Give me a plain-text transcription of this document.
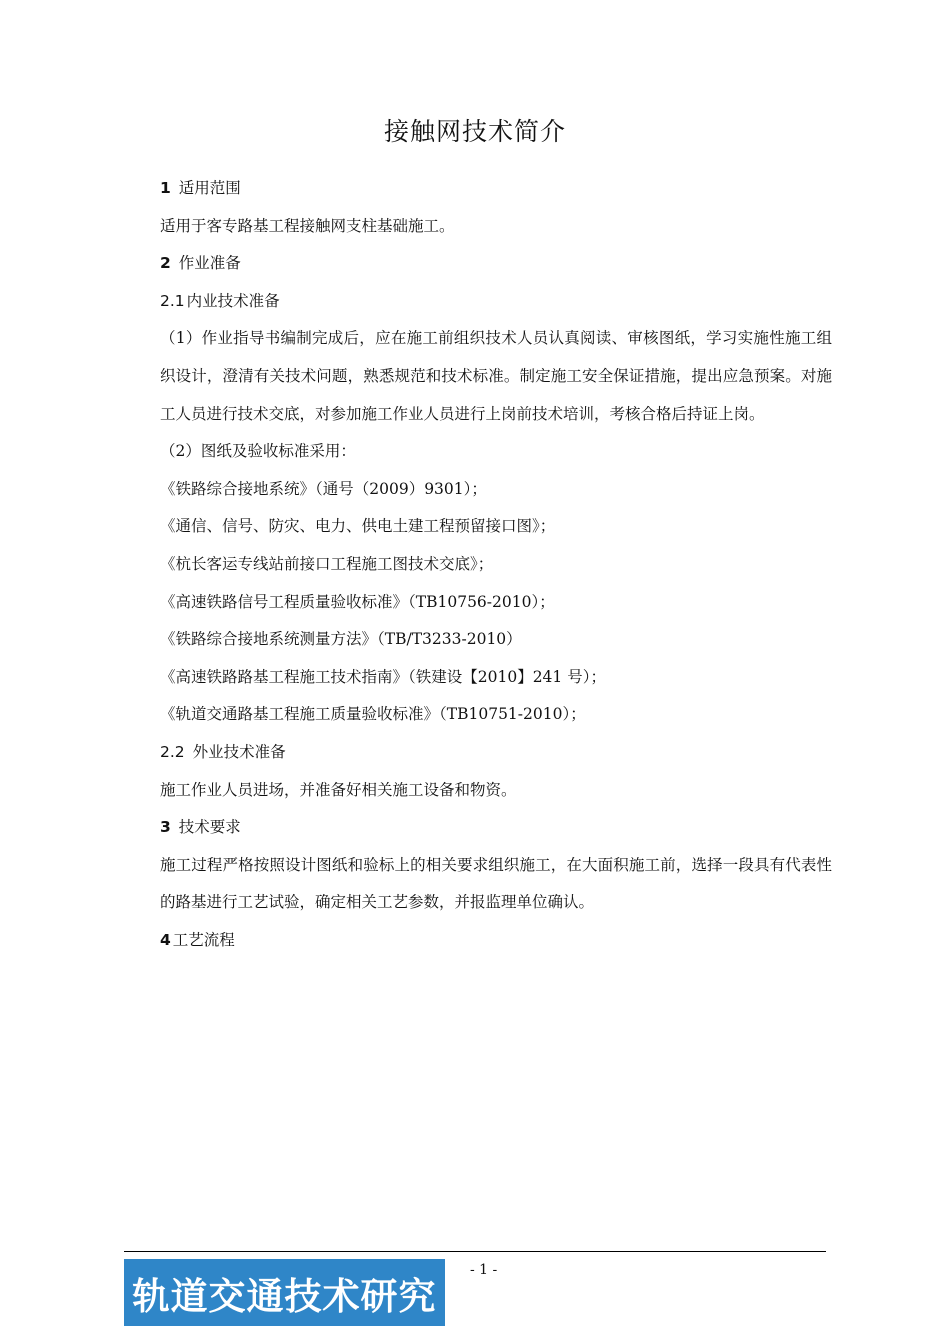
接触网技术简介
1 适用范围
适用于客专路基工程接触网支柱基础施工。
2 作业准备
2.1 内业技术准备
（1）作业指导书编制完成后，应在施工前组织技术人员认真阅读、审核图纸，学习实施性施工组织设计，澄清有关技术问题，熟悉规范和技术标准。制定施工安全保证措施，提出应急预案。对施工人员进行技术交底，对参加施工作业人员进行上岗前技术培训，考核合格后持证上岗。
（2）图纸及验收标准采用：
《铁路综合接地系统》（通号（2009）9301）；
《通信、信号、防灾、电力、供电土建工程预留接口图》；
《杭长客运专线站前接口工程施工图技术交底》；
《高速铁路信号工程质量验收标准》（TB10756-2010）；
《铁路综合接地系统测量方法》（TB/T3233-2010）
《高速铁路路基工程施工技术指南》（铁建设【2010】241 号）；
《轨道交通路基工程施工质量验收标准》（TB10751-2010）；
2.2 外业技术准备
施工作业人员进场，并准备好相关施工设备和物资。
3 技术要求
施工过程严格按照设计图纸和验标上的相关要求组织施工，在大面积施工前，选择一段具有代表性的路基进行工艺试验，确定相关工艺参数，并报监理单位确认。
4 工艺流程
- 1 -
轨道交通技术研究
